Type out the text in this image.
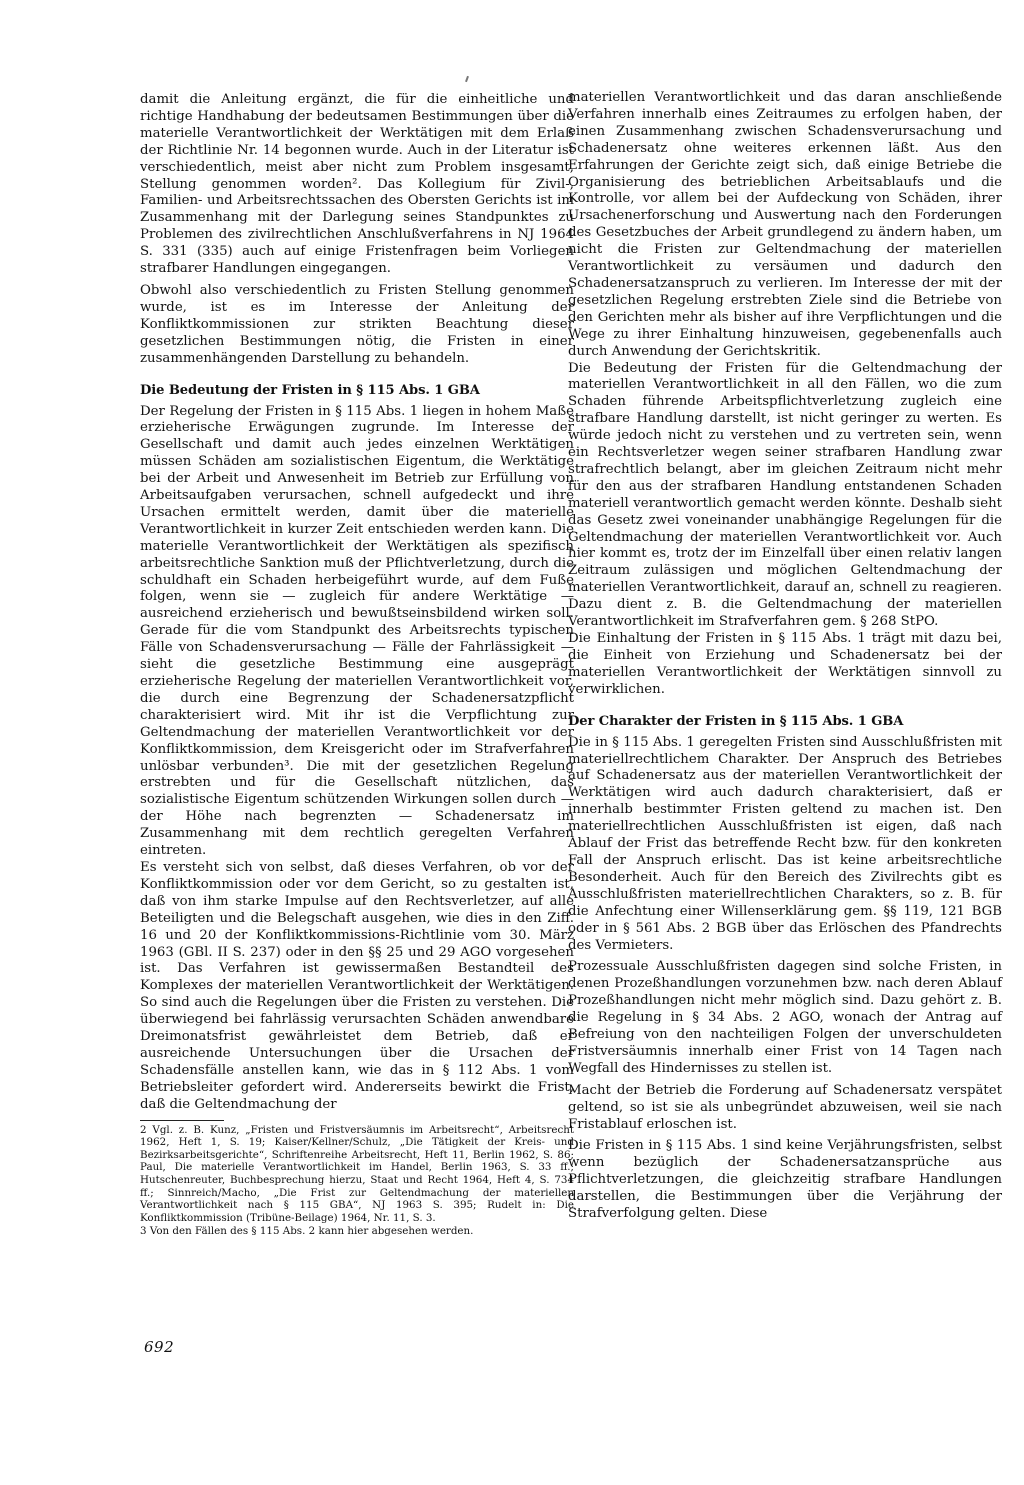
damit die Anleitung ergänzt, die für die einheitliche und richtige Handhabung der bedeutsamen Bestimmungen über die materielle Verantwortlichkeit der Werktätigen mit dem Erlaß der Richtlinie Nr. 14 begonnen wurde. Auch in der Literatur ist verschiedentlich, meist aber nicht zum Problem insgesamt, Stellung genommen worden². Das Kollegium für Zivil-, Familien- und Arbeitsrechtssachen des Obersten Gerichts ist im Zusammenhang mit der Darlegung seines Standpunktes zu Problemen des zivilrechtlichen Anschlußverfahrens in NJ 1964 S. 331 (335) auch auf einige Fristenfragen beim Vorliegen strafbarer Handlungen eingegangen.

Obwohl also verschiedentlich zu Fristen Stellung genommen wurde, ist es im Interesse der Anleitung der Konfliktkommissionen zur strikten Beachtung dieser gesetzlichen Bestimmungen nötig, die Fristen in einer zusammenhängenden Darstellung zu behandeln.

Die Bedeutung der Fristen in § 115 Abs. 1 GBA

Der Regelung der Fristen in § 115 Abs. 1 liegen in hohem Maße erzieherische Erwägungen zugrunde. Im Interesse der Gesellschaft und damit auch jedes einzelnen Werktätigen müssen Schäden am sozialistischen Eigentum, die Werktätige bei der Arbeit und Anwesenheit im Betrieb zur Erfüllung von Arbeitsaufgaben verursachen, schnell aufgedeckt und ihre Ursachen ermittelt werden, damit über die materielle Verantwortlichkeit in kurzer Zeit entschieden werden kann. Die materielle Verantwortlichkeit der Werktätigen als spezifisch arbeitsrechtliche Sanktion muß der Pflichtverletzung, durch die schuldhaft ein Schaden herbeigeführt wurde, auf dem Fuße folgen, wenn sie — zugleich für andere Werktätige — ausreichend erzieherisch und bewußtseinsbildend wirken soll. Gerade für die vom Standpunkt des Arbeitsrechts typischen Fälle von Schadensverursachung — Fälle der Fahrlässigkeit — sieht die gesetzliche Bestimmung eine ausgeprägt erzieherische Regelung der materiellen Verantwortlichkeit vor, die durch eine Begrenzung der Schadenersatzpflicht charakterisiert wird. Mit ihr ist die Verpflichtung zur Geltendmachung der materiellen Verantwortlichkeit vor der Konfliktkommission, dem Kreisgericht oder im Strafverfahren unlösbar verbunden³. Die mit der gesetzlichen Regelung erstrebten und für die Gesellschaft nützlichen, das sozialistische Eigentum schützenden Wirkungen sollen durch — der Höhe nach begrenzten — Schadenersatz im Zusammenhang mit dem rechtlich geregelten Verfahren eintreten.

Es versteht sich von selbst, daß dieses Verfahren, ob vor der Konfliktkommission oder vor dem Gericht, so zu gestalten ist, daß von ihm starke Impulse auf den Rechtsverletzer, auf alle Beteiligten und die Belegschaft ausgehen, wie dies in den Ziff. 16 und 20 der Konfliktkommissions-Richtlinie vom 30. März 1963 (GBl. II S. 237) oder in den §§ 25 und 29 AGO vorgesehen ist. Das Verfahren ist gewissermaßen Bestandteil des Komplexes der materiellen Verantwortlichkeit der Werktätigen. So sind auch die Regelungen über die Fristen zu verstehen. Die überwiegend bei fahrlässig verursachten Schäden anwendbare Dreimonatsfrist gewährleistet dem Betrieb, daß er ausreichende Untersuchungen über die Ursachen der Schadensfälle anstellen kann, wie das in § 112 Abs. 1 vom Betriebsleiter gefordert wird. Andererseits bewirkt die Frist, daß die Geltendmachung der

2 Vgl. z. B. Kunz, „Fristen und Fristversäumnis im Arbeitsrecht“, Arbeitsrecht 1962, Heft 1, S. 19; Kaiser/Kellner/Schulz, „Die Tätigkeit der Kreis- und Bezirksarbeitsgerichte“, Schriftenreihe Arbeitsrecht, Heft 11, Berlin 1962, S. 86; Paul, Die materielle Verantwortlichkeit im Handel, Berlin 1963, S. 33 ff.; Hutschenreuter, Buchbesprechung hierzu, Staat und Recht 1964, Heft 4, S. 734 ff.; Sinnreich/Macho, „Die Frist zur Geltendmachung der materiellen Verantwortlichkeit nach § 115 GBA“, NJ 1963 S. 395; Rudelt in: Die Konfliktkommission (Tribüne-Beilage) 1964, Nr. 11, S. 3.

3 Von den Fällen des § 115 Abs. 2 kann hier abgesehen werden.

materiellen Verantwortlichkeit und das daran anschließende Verfahren innerhalb eines Zeitraumes zu erfolgen haben, der einen Zusammenhang zwischen Schadensverursachung und Schadenersatz ohne weiteres erkennen läßt. Aus den Erfahrungen der Gerichte zeigt sich, daß einige Betriebe die Organisierung des betrieblichen Arbeitsablaufs und die Kontrolle, vor allem bei der Aufdeckung von Schäden, ihrer Ursachenerforschung und Auswertung nach den Forderungen des Gesetzbuches der Arbeit grundlegend zu ändern haben, um nicht die Fristen zur Geltendmachung der materiellen Verantwortlichkeit zu versäumen und dadurch den Schadenersatzanspruch zu verlieren. Im Interesse der mit der gesetzlichen Regelung erstrebten Ziele sind die Betriebe von den Gerichten mehr als bisher auf ihre Verpflichtungen und die Wege zu ihrer Einhaltung hinzuweisen, gegebenenfalls auch durch Anwendung der Gerichtskritik.

Die Bedeutung der Fristen für die Geltendmachung der materiellen Verantwortlichkeit in all den Fällen, wo die zum Schaden führende Arbeitspflichtverletzung zugleich eine strafbare Handlung darstellt, ist nicht geringer zu werten. Es würde jedoch nicht zu verstehen und zu vertreten sein, wenn ein Rechtsverletzer wegen seiner strafbaren Handlung zwar strafrechtlich belangt, aber im gleichen Zeitraum nicht mehr für den aus der strafbaren Handlung entstandenen Schaden materiell verantwortlich gemacht werden könnte. Deshalb sieht das Gesetz zwei voneinander unabhängige Regelungen für die Geltendmachung der materiellen Verantwortlichkeit vor. Auch hier kommt es, trotz der im Einzelfall über einen relativ langen Zeitraum zulässigen und möglichen Geltendmachung der materiellen Verantwortlichkeit, darauf an, schnell zu reagieren. Dazu dient z. B. die Geltendmachung der materiellen Verantwortlichkeit im Strafverfahren gem. § 268 StPO.

Die Einhaltung der Fristen in § 115 Abs. 1 trägt mit dazu bei, die Einheit von Erziehung und Schadenersatz bei der materiellen Verantwortlichkeit der Werktätigen sinnvoll zu verwirklichen.

Der Charakter der Fristen in § 115 Abs. 1 GBA

Die in § 115 Abs. 1 geregelten Fristen sind Ausschlußfristen mit materiellrechtlichem Charakter. Der Anspruch des Betriebes auf Schadenersatz aus der materiellen Verantwortlichkeit der Werktätigen wird auch dadurch charakterisiert, daß er innerhalb bestimmter Fristen geltend zu machen ist. Den materiellrechtlichen Ausschlußfristen ist eigen, daß nach Ablauf der Frist das betreffende Recht bzw. für den konkreten Fall der Anspruch erlischt. Das ist keine arbeitsrechtliche Besonderheit. Auch für den Bereich des Zivilrechts gibt es Ausschlußfristen materiellrechtlichen Charakters, so z. B. für die Anfechtung einer Willenserklärung gem. §§ 119, 121 BGB oder in § 561 Abs. 2 BGB über das Erlöschen des Pfandrechts des Vermieters.

Prozessuale Ausschlußfristen dagegen sind solche Fristen, in denen Prozeßhandlungen vorzunehmen bzw. nach deren Ablauf Prozeßhandlungen nicht mehr möglich sind. Dazu gehört z. B. die Regelung in § 34 Abs. 2 AGO, wonach der Antrag auf Befreiung von den nachteiligen Folgen der unverschuldeten Fristversäumnis innerhalb einer Frist von 14 Tagen nach Wegfall des Hindernisses zu stellen ist.

Macht der Betrieb die Forderung auf Schadenersatz verspätet geltend, so ist sie als unbegründet abzuweisen, weil sie nach Fristablauf erloschen ist.

Die Fristen in § 115 Abs. 1 sind keine Verjährungsfristen, selbst wenn bezüglich der Schadenersatzansprüche aus Pflichtverletzungen, die gleichzeitig strafbare Handlungen darstellen, die Bestimmungen über die Verjährung der Strafverfolgung gelten. Diese

692
